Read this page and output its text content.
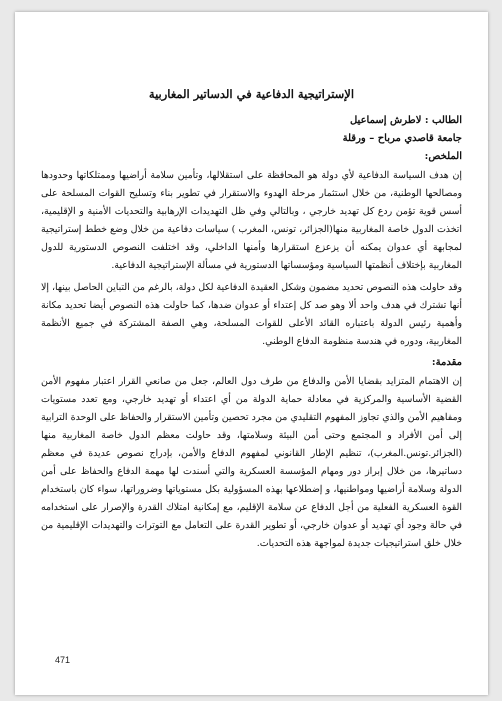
الإستراتيجية الدفاعية في الدساتير المغاربية
الطالب : لاطرش إسماعيل
جامعة قاصدي مرباح – ورقلة
الملخص:

إن هدف السياسة الدفاعية لأي دولة هو المحافظة على استقلالها، وتأمين سلامة أراضيها وممتلكاتها وحدودها ومصالحها الوطنية، من خلال استثمار مرحلة الهدوء والاستقرار في تطوير بناء وتسليح القوات المسلحة على أسس قوية تؤمن ردع كل تهديد خارجي ، وبالتالي وفي ظل التهديدات الإرهابية والتحديات الأمنية و الإقليمية، اتخذت الدول خاصة المغاربية منها(الجزائر، تونس، المغرب ) سياسات دفاعية من خلال وضع خطط إستراتيجية لمجابهة أي عدوان يمكنه أن يزعزع استقرارها وأمنها الداخلي، وقد اختلفت النصوص الدستورية للدول المغاربية بإختلاف أنظمتها السياسية ومؤسساتها الدستورية في مسألة الإستراتيجية الدفاعية.

وقد حاولت هذه النصوص تحديد مضمون وشكل العقيدة الدفاعية لكل دولة، بالرغم من التباين الحاصل بينها، إلا أنها تشترك في هدف واحد ألا وهو صد كل إعتداء أو عدوان ضدها، كما حاولت هذه النصوص أيضا تحديد مكانة وأهمية رئيس الدولة باعتباره القائد الأعلى للقوات المسلحة، وهي الصفة المشتركة في جميع الأنظمة المغاربية، ودوره في هندسة منظومة الدفاع الوطني.

مقدمة:

إن الاهتمام المتزايد بقضايا الأمن والدفاع من طرف دول العالم، جعل من صانعي القرار اعتبار مفهوم الأمن القضية الأساسية والمركزية في معادلة حماية الدولة من أي اعتداء أو تهديد خارجي، ومع تعدد مستويات ومفاهيم الأمن والذي تجاوز المفهوم التقليدي من مجرد تحصين وتأمين الاستقرار والحفاظ على الوحدة الترابية إلى أمن الأفراد و المجتمع وحتى أمن البيئة وسلامتها، وقد حاولت معظم الدول خاصة المغاربية منها (الجزائر.تونس.المغرب)، تنظيم الإطار القانوني لمفهوم الدفاع والأمن، بإدراج نصوص عديدة في معظم دساتيرها، من خلال إبراز دور ومهام المؤسسة العسكرية والتي أسندت لها مهمة الدفاع والحفاظ على أمن الدولة وسلامة أراضيها ومواطنيها، و إضطلاعها بهذه المسؤولية بكل مستوياتها وضروراتها، سواء كان باستخدام القوة العسكرية الفعلية من أجل الدفاع عن سلامة الإقليم، مع إمكانية امتلاك القدرة والإصرار على استخدامه في حالة وجود أي تهديد أو عدوان خارجي، أو تطوير القدرة على التعامل مع التوترات والتهديدات الإقليمية من خلال خلق استراتيجيات جديدة لمواجهة هذه التحديات.

471
